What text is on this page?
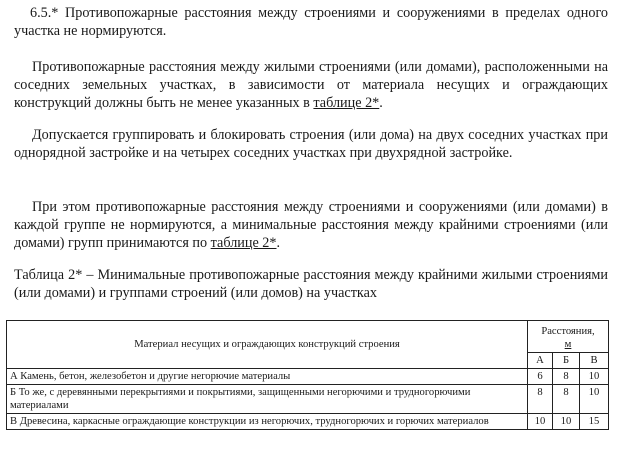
6.5.* Противопожарные расстояния между строениями и сооружениями в пределах одного участка не нормируются.

Противопожарные расстояния между жилыми строениями (или домами), расположенными на соседних земельных участках, в зависимости от материала несущих и ограждающих конструкций должны быть не менее указанных в таблице 2*.

Допускается группировать и блокировать строения (или дома) на двух соседних участках при однорядной застройке и на четырех соседних участках при двухрядной застройке.

При этом противопожарные расстояния между строениями и сооружениями (или домами) в каждой группе не нормируются, а минимальные расстояния между крайними строениями (или домами) групп принимаются по таблице 2*.

Таблица 2* – Минимальные противопожарные расстояния между крайними жилыми строениями (или домами) и группами строений (или домов) на участках

Материал несущих и ограждающих конструкций строения	Расстояния,
м		
	А	Б	В
А Камень, бетон, железобетон и другие негорючие материалы	6	8	10
Б То же, с деревянными перекрытиями и покрытиями, защищенными негорючими и трудногорючими материалами	8	8	10
В Древесина, каркасные ограждающие конструкции из негорючих, трудногорючих и горючих материалов	10	10	15
